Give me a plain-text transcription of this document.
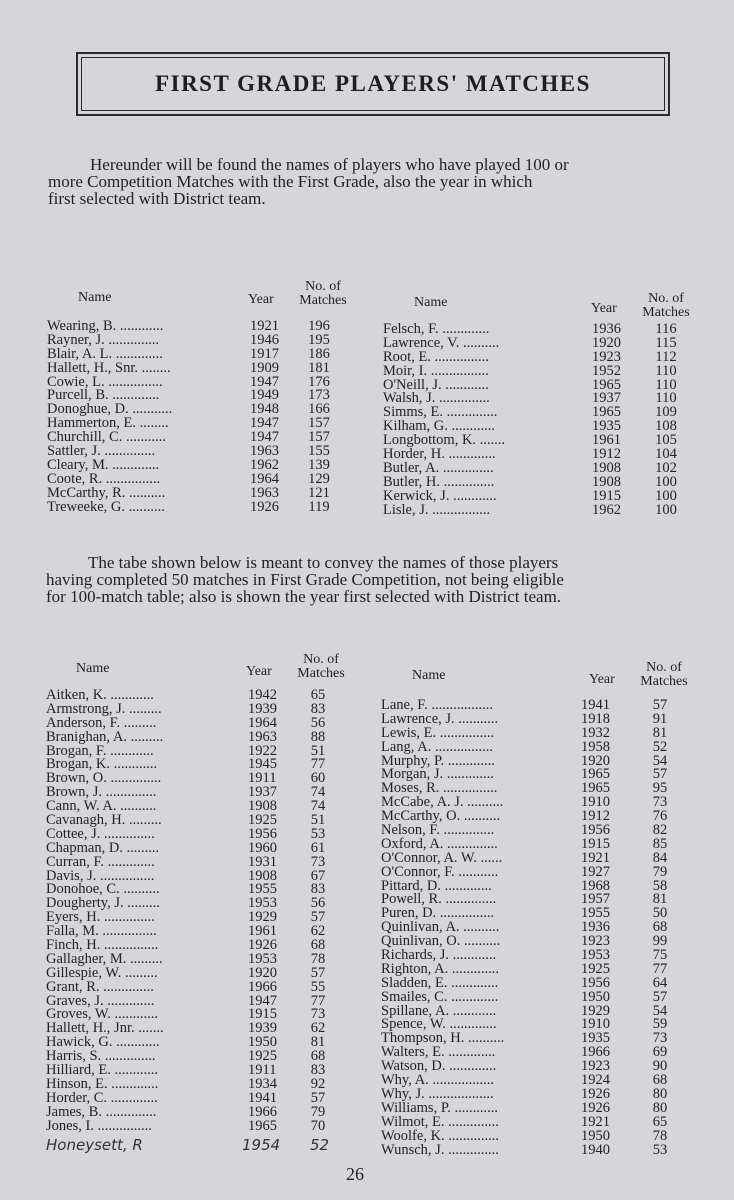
FIRST GRADE PLAYERS' MATCHES
Hereunder will be found the names of players who have played 100 or
more Competition Matches with the First Grade, also the year in which
first selected with District team.
Name	Year
No. of
Matches	Name	Year
No. of
Matches
Wearing, B. ............	1921	196
Rayner, J. ..............	1946	195
Blair, A. L. .............	1917	186
Hallett, H., Snr. ........	1909	181
Cowie, L. ...............	1947	176
Purcell, B. .............	1949	173
Donoghue, D. ...........	1948	166
Hammerton, E. ........	1947	157
Churchill, C. ...........	1947	157
Sattler, J. ..............	1963	155
Cleary, M. .............	1962	139
Coote, R. ...............	1964	129
McCarthy, R. ..........	1963	121
Treweeke, G. ..........	1926	119
Felsch, F. .............	1936	116
Lawrence, V. ..........	1920	115
Root, E. ...............	1923	112
Moir, I. ................	1952	110
O'Neill, J. ............	1965	110
Walsh, J. ..............	1937	110
Simms, E. ..............	1965	109
Kilham, G. ............	1935	108
Longbottom, K. .......	1961	105
Horder, H. .............	1912	104
Butler, A. ..............	1908	102
Butler, H. ..............	1908	100
Kerwick, J. ............	1915	100
Lisle, J. ................	1962	100
The tabe shown below is meant to convey the names of those players
having completed 50 matches in First Grade Competition, not being eligible
for 100-match table; also is shown the year first selected with District team.
Name	Year
No. of
Matches	Name	Year
No. of
Matches
Aitken, K. ............	1942	65
Armstrong, J. .........	1939	83
Anderson, F. .........	1964	56
Branighan, A. .........	1963	88
Brogan, F. ............	1922	51
Brogan, K. ............	1945	77
Brown, O. ..............	1911	60
Brown, J. ..............	1937	74
Cann, W. A. ..........	1908	74
Cavanagh, H. .........	1925	51
Cottee, J. ..............	1956	53
Chapman, D. .........	1960	61
Curran, F. .............	1931	73
Davis, J. ...............	1908	67
Donohoe, C. ..........	1955	83
Dougherty, J. .........	1953	56
Eyers, H. ..............	1929	57
Falla, M. ...............	1961	62
Finch, H. ...............	1926	68
Gallagher, M. .........	1953	78
Gillespie, W. .........	1920	57
Grant, R. ..............	1966	55
Graves, J. .............	1947	77
Groves, W. ............	1915	73
Hallett, H., Jnr. .......	1939	62
Hawick, G. ............	1950	81
Harris, S. ..............	1925	68
Hilliard, E. ............	1911	83
Hinson, E. .............	1934	92
Horder, C. .............	1941	57
James, B. ..............	1966	79
Jones, I. ...............	1965	70
Lane, F. .................	1941	57
Lawrence, J. ...........	1918	91
Lewis, E. ...............	1932	81
Lang, A. ................	1958	52
Murphy, P. .............	1920	54
Morgan, J. .............	1965	57
Moses, R. ...............	1965	95
McCabe, A. J. ..........	1910	73
McCarthy, O. ..........	1912	76
Nelson, F. ..............	1956	82
Oxford, A. ..............	1915	85
O'Connor, A. W. ......	1921	84
O'Connor, F. ...........	1927	79
Pittard, D. .............	1968	58
Powell, R. ..............	1957	81
Puren, D. ...............	1955	50
Quinlivan, A. ..........	1936	68
Quinlivan, O. ..........	1923	99
Richards, J. ............	1953	75
Righton, A. .............	1925	77
Sladden, E. .............	1956	64
Smailes, C. .............	1950	57
Spillane, A. ............	1929	54
Spence, W. .............	1910	59
Thompson, H. ..........	1935	73
Walters, E. .............	1966	69
Watson, D. .............	1923	90
Why, A. .................	1924	68
Why, J. ..................	1926	80
Williams, P. ............	1926	80
Wilmot, E. ..............	1921	65
Woolfe, K. ..............	1950	78
Wunsch, J. ..............	1940	53
Honeysett, R	1954 52
26
